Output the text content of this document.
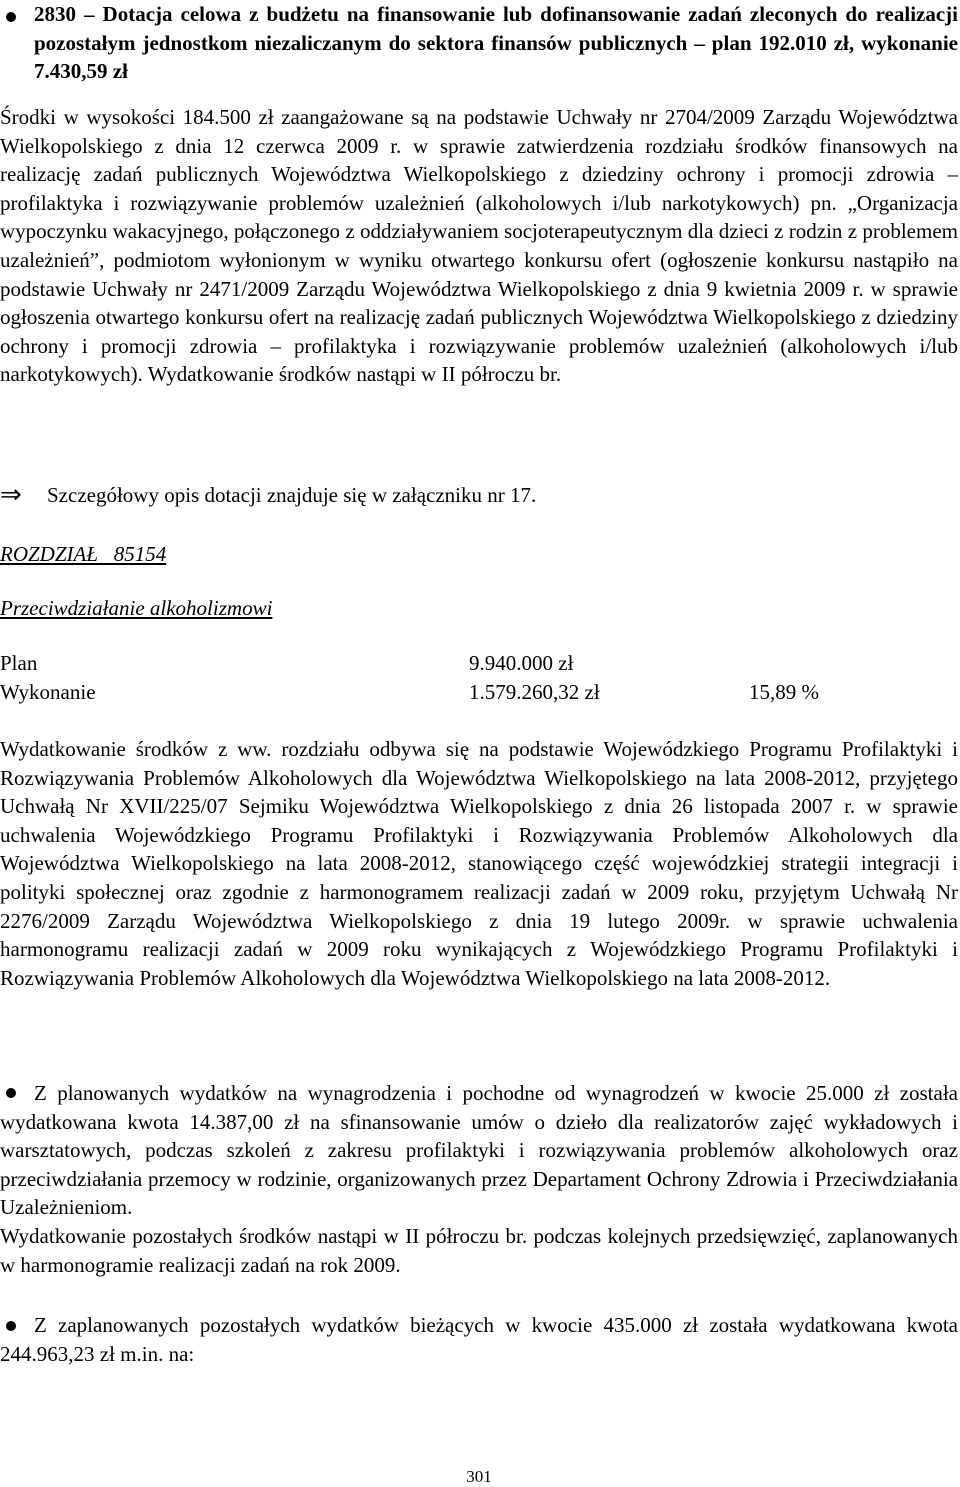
2830 – Dotacja celowa z budżetu na finansowanie lub dofinansowanie zadań zleconych do realizacji pozostałym jednostkom niezaliczanym do sektora finansów publicznych – plan 192.010 zł, wykonanie 7.430,59 zł

Środki w wysokości 184.500 zł zaangażowane są na podstawie Uchwały nr 2704/2009 Zarządu Województwa Wielkopolskiego z dnia 12 czerwca 2009 r. w sprawie zatwierdzenia rozdziału środków finansowych na realizację zadań publicznych Województwa Wielkopolskiego z dziedziny ochrony i promocji zdrowia – profilaktyka i rozwiązywanie problemów uzależnień (alkoholowych i/lub narkotykowych) pn. „Organizacja wypoczynku wakacyjnego, połączonego z oddziaływaniem socjoterapeutycznym dla dzieci z rodzin z problemem uzależnień”, podmiotom wyłonionym w wyniku otwartego konkursu ofert (ogłoszenie konkursu nastąpiło na podstawie Uchwały nr 2471/2009 Zarządu Województwa Wielkopolskiego z dnia 9 kwietnia 2009 r. w sprawie ogłoszenia otwartego konkursu ofert na realizację zadań publicznych Województwa Wielkopolskiego z dziedziny ochrony i promocji zdrowia – profilaktyka i rozwiązywanie problemów uzależnień (alkoholowych i/lub narkotykowych). Wydatkowanie środków nastąpi w II półroczu br.

⇒	Szczegółowy opis dotacji znajduje się w załączniku nr 17.

ROZDZIAŁ   85154
Przeciwdziałanie alkoholizmowi
Plan	9.940.000 zł
Wykonanie	1.579.260,32 zł	15,89 %

Wydatkowanie środków z ww. rozdziału odbywa się na podstawie Wojewódzkiego Programu Profilaktyki i Rozwiązywania Problemów Alkoholowych dla Województwa Wielkopolskiego na lata 2008-2012, przyjętego Uchwałą Nr XVII/225/07 Sejmiku Województwa Wielkopolskiego z dnia 26 listopada 2007 r. w sprawie uchwalenia Wojewódzkiego Programu Profilaktyki i Rozwiązywania Problemów Alkoholowych dla Województwa Wielkopolskiego na lata 2008-2012, stanowiącego część wojewódzkiej strategii integracji i polityki społecznej oraz zgodnie z harmonogramem realizacji zadań w 2009 roku, przyjętym Uchwałą Nr 2276/2009 Zarządu Województwa Wielkopolskiego z dnia 19 lutego 2009r. w sprawie uchwalenia harmonogramu realizacji zadań w 2009 roku wynikających z Wojewódzkiego Programu Profilaktyki i Rozwiązywania Problemów Alkoholowych dla Województwa Wielkopolskiego na lata 2008-2012.

Z planowanych wydatków na wynagrodzenia i pochodne od wynagrodzeń w kwocie 25.000 zł została wydatkowana kwota 14.387,00 zł na sfinansowanie umów o dzieło dla realizatorów zajęć wykładowych i warsztatowych, podczas szkoleń z zakresu profilaktyki i rozwiązywania problemów alkoholowych oraz przeciwdziałania przemocy w rodzinie, organizowanych przez Departament Ochrony Zdrowia i Przeciwdziałania Uzależnieniom.

Wydatkowanie pozostałych środków nastąpi w II półroczu br. podczas kolejnych przedsięwzięć, zaplanowanych w harmonogramie realizacji zadań na rok 2009.

Z zaplanowanych pozostałych wydatków bieżących w kwocie 435.000 zł została wydatkowana kwota 244.963,23 zł m.in. na:

301
